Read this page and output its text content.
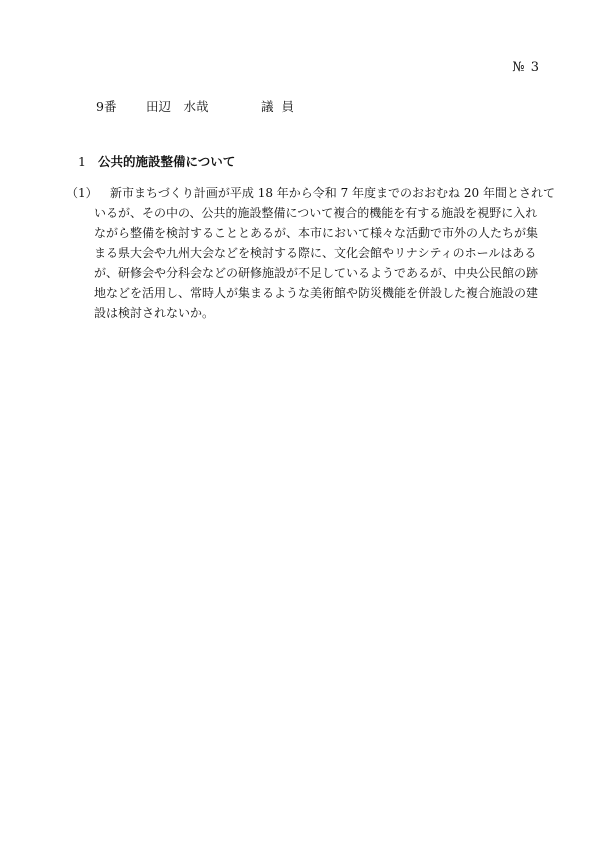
№ 3
9番 田辺　水哉	議員
1 公共的施設整備について
（1） 新市まちづくり計画が平成 18 年から令和 7 年度までのおおむね 20 年間とされて
いるが、その中の、公共的施設整備について複合的機能を有する施設を視野に入れ
ながら整備を検討することとあるが、本市において様々な活動で市外の人たちが集
まる県大会や九州大会などを検討する際に、文化会館やリナシティのホールはある
が、研修会や分科会などの研修施設が不足しているようであるが、中央公民館の跡
地などを活用し、常時人が集まるような美術館や防災機能を併設した複合施設の建
設は検討されないか。
